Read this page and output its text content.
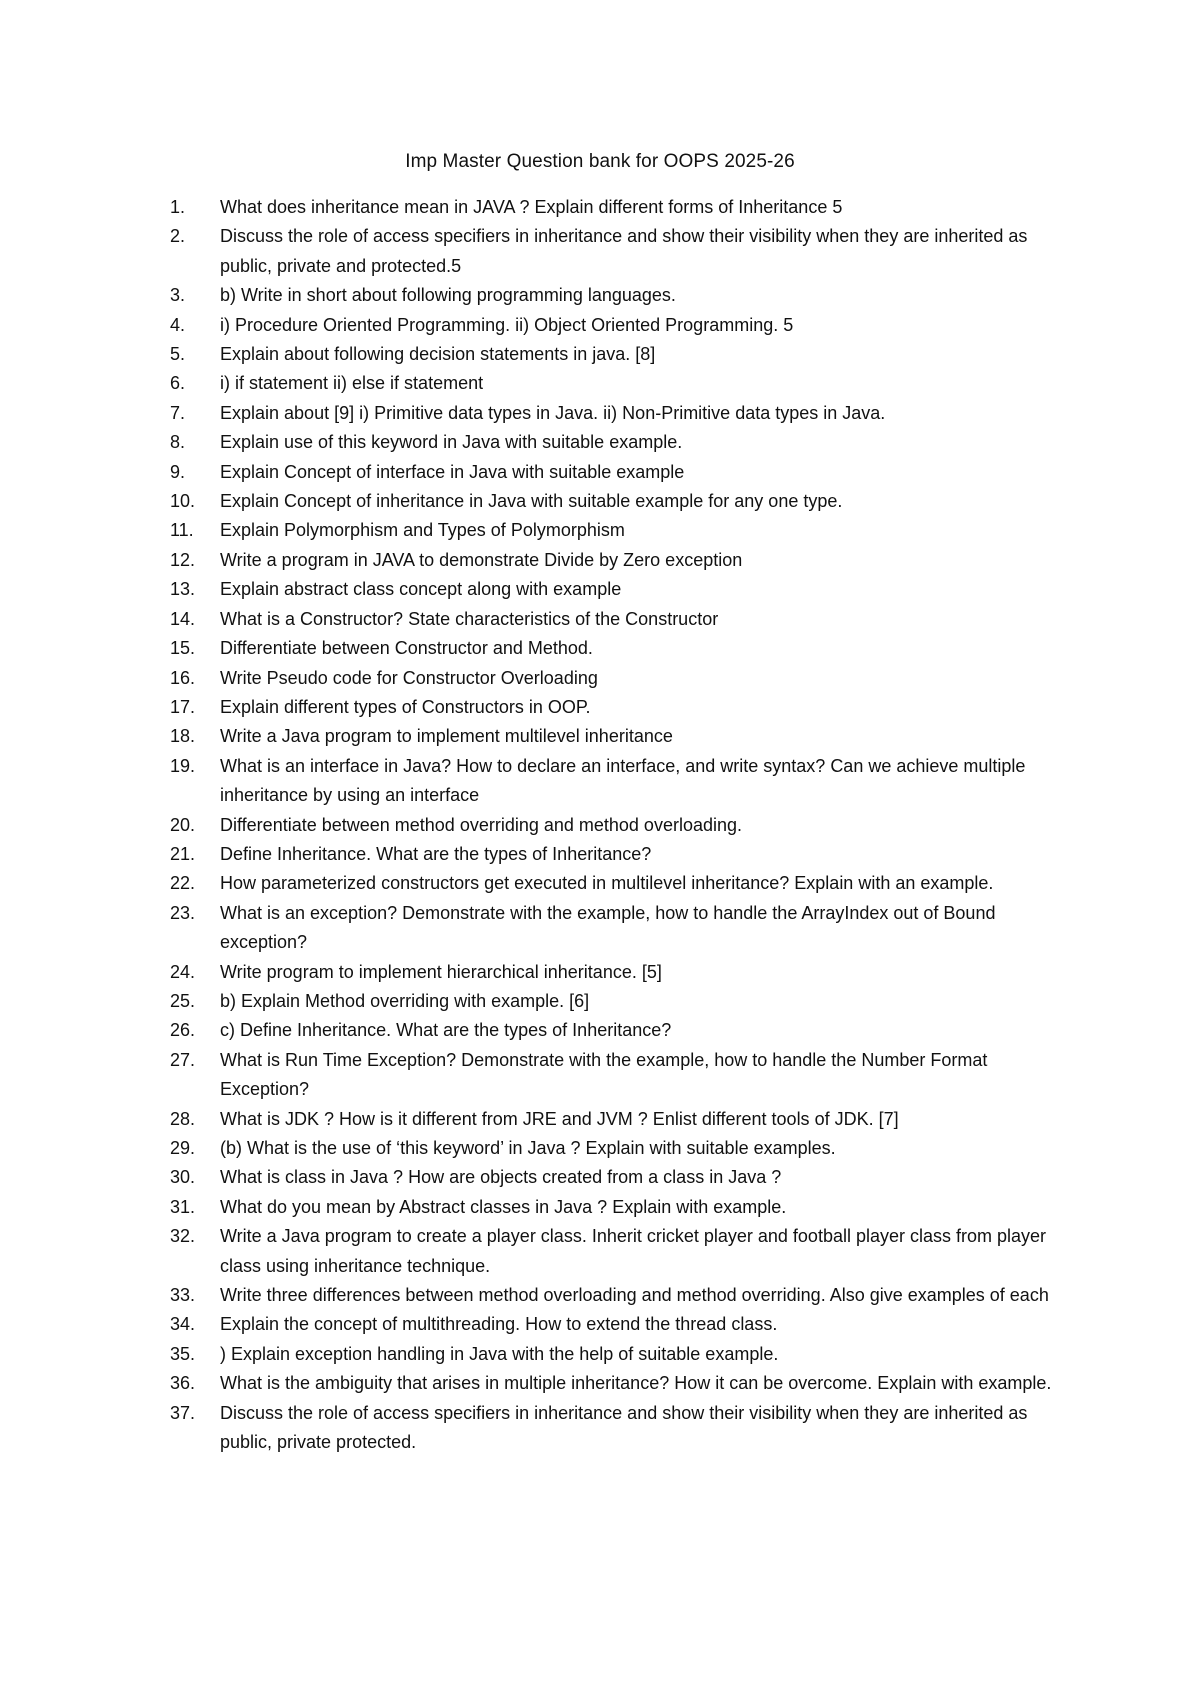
Imp Master Question bank for OOPS 2025-26
1.	What does inheritance mean in JAVA ? Explain different forms of Inheritance 5
2.	Discuss the role of access specifiers in inheritance and show their visibility when they are inherited as public, private and protected.5
3.	b) Write in short about following programming languages.
4.	i) Procedure Oriented Programming. ii) Object Oriented Programming. 5
5.	Explain about following decision statements in java. [8]
6.	i) if statement ii) else if statement
7.	Explain about [9] i) Primitive data types in Java. ii) Non-Primitive data types in Java.
8.	Explain use of this keyword in Java with suitable example.
9.	Explain Concept of interface in Java with suitable example
10.	Explain Concept of inheritance in Java with suitable example for any one type.
11.	Explain Polymorphism and Types of Polymorphism
12.	Write a program in JAVA to demonstrate Divide by Zero exception
13.	Explain abstract class concept along with example
14.	What is a Constructor? State characteristics of the Constructor
15.	Differentiate between Constructor and Method.
16.	Write Pseudo code for Constructor Overloading
17.	Explain different types of Constructors in OOP.
18.	Write a Java program to implement multilevel inheritance
19.	What is an interface in Java? How to declare an interface, and write syntax? Can we achieve multiple inheritance by using an interface
20.	Differentiate between method overriding and method overloading.
21.	Define Inheritance. What are the types of Inheritance?
22.	How parameterized constructors get executed in multilevel inheritance? Explain with an example.
23.	What is an exception? Demonstrate with the example, how to handle the ArrayIndex out of Bound exception?
24.	Write program to implement hierarchical inheritance. [5]
25.	b) Explain Method overriding with example. [6]
26.	c) Define Inheritance. What are the types of Inheritance?
27.	What is Run Time Exception? Demonstrate with the example, how to handle the Number Format Exception?
28.	What is JDK ? How is it different from JRE and JVM ? Enlist different tools of JDK. [7]
29.	(b) What is the use of ‘this keyword’ in Java ? Explain with suitable examples.
30.	What is class in Java ? How are objects created from a class in Java ?
31.	What do you mean by Abstract classes in Java ? Explain with example.
32.	Write a Java program to create a player class. Inherit cricket player and football player class from player class using inheritance technique.
33.	Write three differences between method overloading and method overriding. Also give examples of each
34.	Explain the concept of multithreading. How to extend the thread class.
35.	) Explain exception handling in Java with the help of suitable example.
36.	What is the ambiguity that arises in multiple inheritance? How it can be overcome. Explain with example.
37.	Discuss the role of access specifiers in inheritance and show their visibility when they are inherited as public, private protected.
